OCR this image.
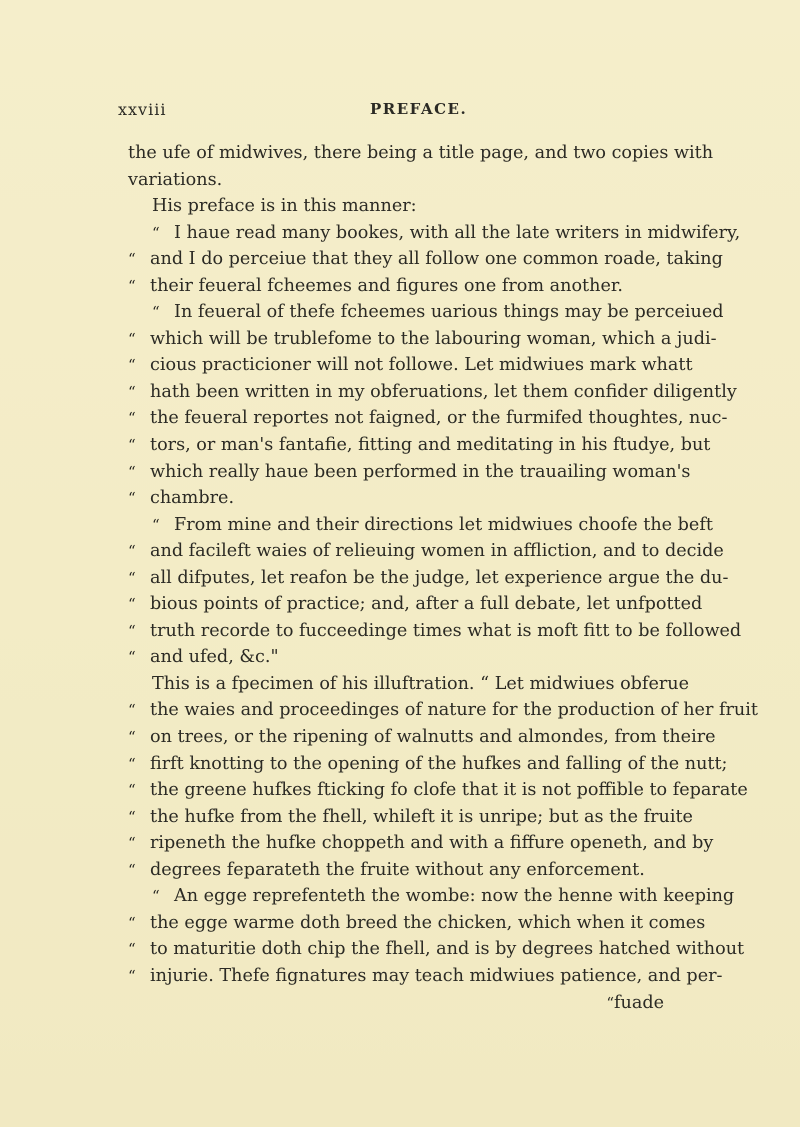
xxviii	PREFACE.
the ufe of midwives, there being a title page, and two copies with
variations.
His preface is in this manner:
“ I haue read many bookes, with all the late writers in midwifery,
“ and I do perceiue that they all follow one common roade, taking
“ their feueral fcheemes and figures one from another.
“ In feueral of thefe fcheemes uarious things may be perceiued
“ which will be trublefome to the labouring woman, which a judi-
“ cious practicioner will not followe. Let midwiues mark whatt
“ hath been written in my obferuations, let them confider diligently
“ the feueral reportes not faigned, or the furmifed thoughtes, nuc-
“ tors, or man's fantafie, fitting and meditating in his ftudye, but
“ which really haue been performed in the trauailing woman's
“ chambre.
“ From mine and their directions let midwiues choofe the beft
“ and facileft waies of relieuing women in affliction, and to decide
“ all difputes, let reafon be the judge, let experience argue the du-
“ bious points of practice; and, after a full debate, let unfpotted
“ truth recorde to fucceedinge times what is moft fitt to be followed
“ and ufed, &c."
This is a fpecimen of his illuftration. “ Let midwiues obferue
“ the waies and proceedinges of nature for the production of her fruit
“ on trees, or the ripening of walnutts and almondes, from theire
“ firft knotting to the opening of the hufkes and falling of the nutt;
“ the greene hufkes fticking fo clofe that it is not poffible to feparate
“ the hufke from the fhell, whileft it is unripe; but as the fruite
“ ripeneth the hufke choppeth and with a fiffure openeth, and by
“ degrees feparateth the fruite without any enforcement.
“ An egge reprefenteth the wombe: now the henne with keeping
“ the egge warme doth breed the chicken, which when it comes
“ to maturitie doth chip the fhell, and is by degrees hatched without
“ injurie. Thefe fignatures may teach midwiues patience, and per-
“fuade
